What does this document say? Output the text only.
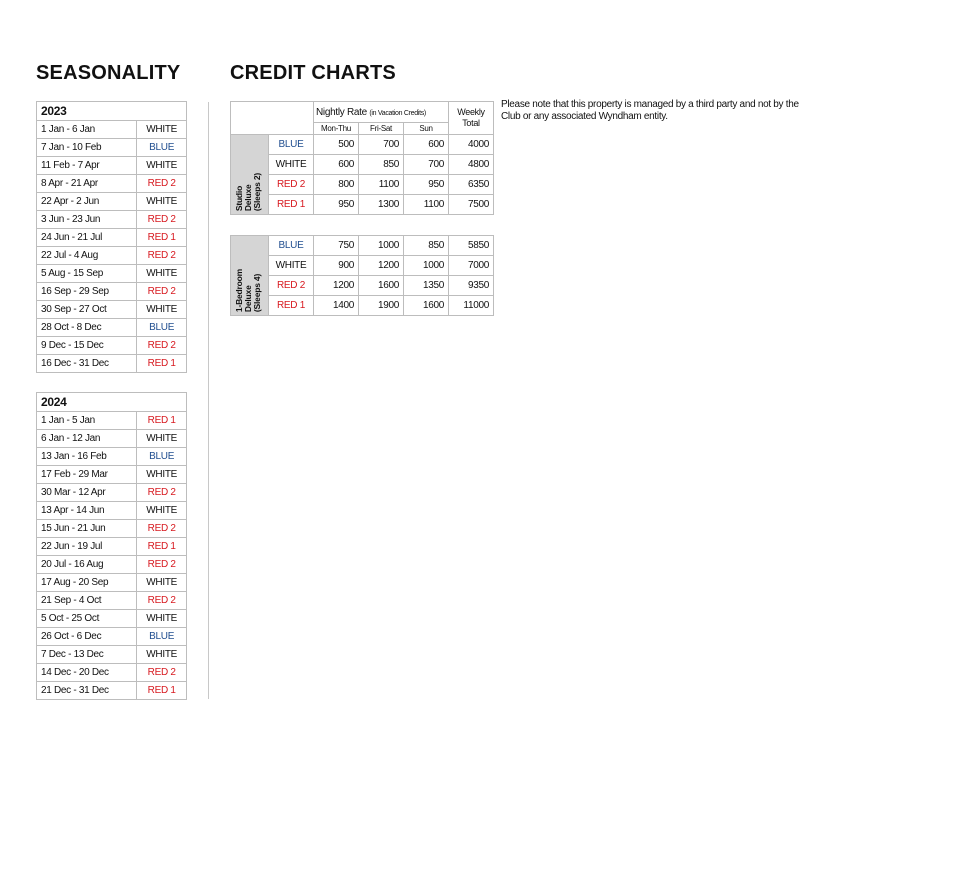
SEASONALITY CREDIT CHARTS
2023	
1 Jan - 6 Jan	WHITE
7 Jan - 10 Feb	BLUE
11 Feb - 7 Apr	WHITE
8 Apr - 21 Apr	RED 2
22 Apr - 2 Jun	WHITE
3 Jun - 23 Jun	RED 2
24 Jun - 21 Jul	RED 1
22 Jul - 4 Aug	RED 2
5 Aug - 15 Sep	WHITE
16 Sep - 29 Sep	RED 2
30 Sep - 27 Oct	WHITE
28 Oct - 8 Dec	BLUE
9 Dec - 15 Dec	RED 2
16 Dec - 31 Dec	RED 1
2024	
1 Jan - 5 Jan	RED 1
6 Jan - 12 Jan	WHITE
13 Jan - 16 Feb	BLUE
17 Feb - 29 Mar	WHITE
30 Mar - 12 Apr	RED 2
13 Apr - 14 Jun	WHITE
15 Jun - 21 Jun	RED 2
22 Jun - 19 Jul	RED 1
20 Jul - 16 Aug	RED 2
17 Aug - 20 Sep	WHITE
21 Sep - 4 Oct	RED 2
5 Oct - 25 Oct	WHITE
26 Oct - 6 Dec	BLUE
7 Dec - 13 Dec	WHITE
14 Dec - 20 Dec	RED 2
21 Dec - 31 Dec	RED 1
		Nightly Rate (in Vacation Credits)			Weekly
Total
		Mon-Thu	Fri-Sat	Sun	

Studio
Deluxe
(Sleeps 2)	BLUE	500	700	600	4000
	WHITE	600	850	700	4800
	RED 2	800	1100	950	6350
	RED 1	950	1300	1100	7500
1-Bedroom
Deluxe
(Sleeps 4)	BLUE	750	1000	850	5850
	WHITE	900	1200	1000	7000
	RED 2	1200	1600	1350	9350
	RED 1	1400	1900	1600	11000
Please note that this property is managed by a third party and not by the Club or any associated Wyndham entity.
